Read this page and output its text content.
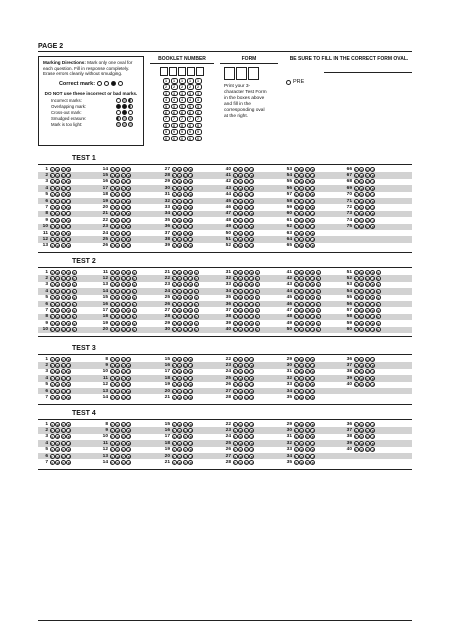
PAGE 2
Marking Directions: Mark only one oval for each question. Fill in response completely. Erase errors cleanly without smudging.
Correct mark:
DO NOT use these incorrect or bad marks.
Incorrect marks:
Overlapping mark:
Cross-out mark:
Smudged erasure:
Mark is too light:
BOOKLET NUMBER
1	1	1	1	1
2	2	2	2	2
3	3	3	3	3
4	4	4	4	4
5	5	5	5	5
6	6	6	6	6
7	7	7	7	7
8	8	8	8	8
9	9	9	9	9
0	0	0	0	0
FORM
Print your 3-character Test Form in the boxes above and fill in the corresponding oval at the right.
BE SURE TO FILL IN THE CORRECT FORM OVAL.
PRE
TEST 1
1	A	B	C	D	14	F	G	H	J	27	A	B	C	D	40	F	G	H	J	53	A	B	C	D	66	F	G	H	J
2	F	G	H	J	15	A	B	C	D	28	F	G	H	J	41	A	B	C	D	54	F	G	H	J	67	A	B	C	D
3	A	B	C	D	16	F	G	H	J	29	A	B	C	D	42	F	G	H	J	55	A	B	C	D	68	F	G	H	J
4	F	G	H	J	17	A	B	C	D	30	F	G	H	J	43	A	B	C	D	56	F	G	H	J	69	A	B	C	D
5	A	B	C	D	18	F	G	H	J	31	A	B	C	D	44	F	G	H	J	57	A	B	C	D	70	F	G	H	J
6	F	G	H	J	19	A	B	C	D	32	F	G	H	J	45	A	B	C	D	58	F	G	H	J	71	A	B	C	D
7	A	B	C	D	20	F	G	H	J	33	A	B	C	D	46	F	G	H	J	59	A	B	C	D	72	F	G	H	J
8	F	G	H	J	21	A	B	C	D	34	F	G	H	J	47	A	B	C	D	60	F	G	H	J	73	A	B	C	D
9	A	B	C	D	22	F	G	H	J	35	A	B	C	D	48	F	G	H	J	61	A	B	C	D	74	F	G	H	J
10	F	G	H	J	23	A	B	C	D	36	F	G	H	J	49	A	B	C	D	62	F	G	H	J	75	A	B	C	D
11	A	B	C	D	24	F	G	H	J	37	A	B	C	D	50	F	G	H	J	63	A	B	C	D
12	F	G	H	J	25	A	B	C	D	38	F	G	H	J	51	A	B	C	D	64	F	G	H	J
13	A	B	C	D	26	F	G	H	J	39	A	B	C	D	52	F	G	H	J	65	A	B	C	D
TEST 2
1	A	B	C	D	E	11	A	B	C	D	E	21	A	B	C	D	E	31	A	B	C	D	E	41	A	B	C	D	E	51	A	B	C	D	E
2	F	G	H	J	K	12	F	G	H	J	K	22	F	G	H	J	K	32	F	G	H	J	K	42	F	G	H	J	K	52	F	G	H	J	K
3	A	B	C	D	E	13	A	B	C	D	E	23	A	B	C	D	E	33	A	B	C	D	E	43	A	B	C	D	E	53	A	B	C	D	E
4	F	G	H	J	K	14	F	G	H	J	K	24	F	G	H	J	K	34	F	G	H	J	K	44	F	G	H	J	K	54	F	G	H	J	K
5	A	B	C	D	E	15	A	B	C	D	E	25	A	B	C	D	E	35	A	B	C	D	E	45	A	B	C	D	E	55	A	B	C	D	E
6	F	G	H	J	K	16	F	G	H	J	K	26	F	G	H	J	K	36	F	G	H	J	K	46	F	G	H	J	K	56	F	G	H	J	K
7	A	B	C	D	E	17	A	B	C	D	E	27	A	B	C	D	E	37	A	B	C	D	E	47	A	B	C	D	E	57	A	B	C	D	E
8	F	G	H	J	K	18	F	G	H	J	K	28	F	G	H	J	K	38	F	G	H	J	K	48	F	G	H	J	K	58	F	G	H	J	K
9	A	B	C	D	E	19	A	B	C	D	E	29	A	B	C	D	E	39	A	B	C	D	E	49	A	B	C	D	E	59	A	B	C	D	E
10	F	G	H	J	K	20	F	G	H	J	K	30	F	G	H	J	K	40	F	G	H	J	K	50	F	G	H	J	K	60	F	G	H	J	K
TEST 3
1	A	B	C	D	8	F	G	H	J	15	A	B	C	D	22	F	G	H	J	29	A	B	C	D	36	F	G	H	J
2	F	G	H	J	9	A	B	C	D	16	F	G	H	J	23	A	B	C	D	30	F	G	H	J	37	A	B	C	D
3	A	B	C	D	10	F	G	H	J	17	A	B	C	D	24	F	G	H	J	31	A	B	C	D	38	F	G	H	J
4	F	G	H	J	11	A	B	C	D	18	F	G	H	J	25	A	B	C	D	32	F	G	H	J	39	A	B	C	D
5	A	B	C	D	12	F	G	H	J	19	A	B	C	D	26	F	G	H	J	33	A	B	C	D	40	F	G	H	J
6	F	G	H	J	13	A	B	C	D	20	F	G	H	J	27	A	B	C	D	34	F	G	H	J
7	A	B	C	D	14	F	G	H	J	21	A	B	C	D	28	F	G	H	J	35	A	B	C	D
TEST 4
1	A	B	C	D	8	F	G	H	J	15	A	B	C	D	22	F	G	H	J	29	A	B	C	D	36	F	G	H	J
2	F	G	H	J	9	A	B	C	D	16	F	G	H	J	23	A	B	C	D	30	F	G	H	J	37	A	B	C	D
3	A	B	C	D	10	F	G	H	J	17	A	B	C	D	24	F	G	H	J	31	A	B	C	D	38	F	G	H	J
4	F	G	H	J	11	A	B	C	D	18	F	G	H	J	25	A	B	C	D	32	F	G	H	J	39	A	B	C	D
5	A	B	C	D	12	F	G	H	J	19	A	B	C	D	26	F	G	H	J	33	A	B	C	D	40	F	G	H	J
6	F	G	H	J	13	A	B	C	D	20	F	G	H	J	27	A	B	C	D	34	F	G	H	J
7	A	B	C	D	14	F	G	H	J	21	A	B	C	D	28	F	G	H	J	35	A	B	C	D
